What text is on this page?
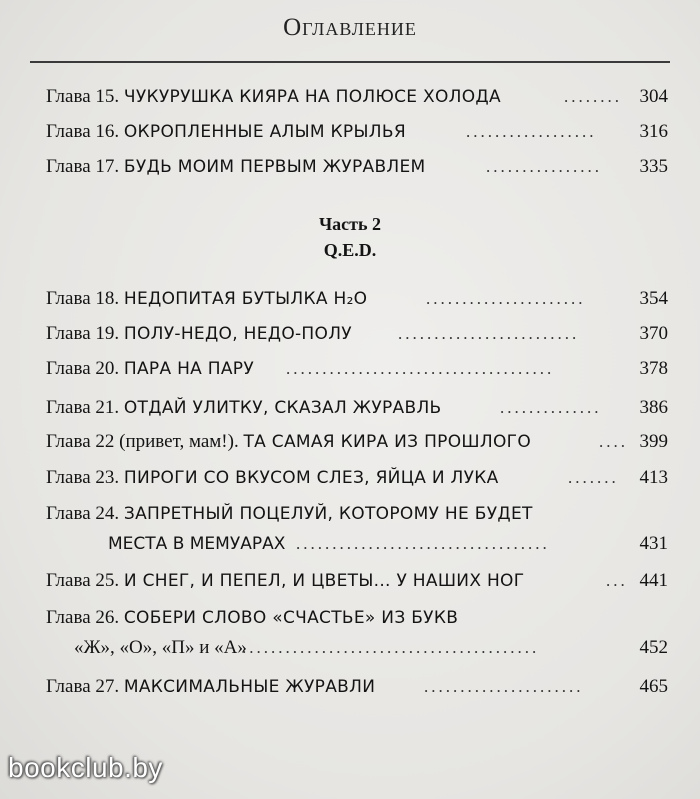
Оглавление
Глава 15. ЧУКУРУШКА КИЯРА НА ПОЛЮСЕ ХОЛОДА	........ 304
Глава 16. ОКРОПЛЕННЫЕ АЛЫМ КРЫЛЬЯ	.................. 316
Глава 17. БУДЬ МОИМ ПЕРВЫМ ЖУРАВЛЕМ	................ 335
Часть 2
Q.E.D.
Глава 18. НЕДОПИТАЯ БУТЫЛКА H₂O	......................	354
Глава 19. ПОЛУ-НЕДО, НЕДО-ПОЛУ	.........................	370
Глава 20. ПАРА НА ПАРУ .....................................	378
Глава 21. ОТДАЙ УЛИТКУ, СКАЗАЛ ЖУРАВЛЬ	.............. 386
Глава 22 (привет, мам!). ТА САМАЯ КИРА ИЗ ПРОШЛОГО	.... 399
Глава 23. ПИРОГИ СО ВКУСОМ СЛЕЗ, ЯЙЦА И ЛУКА	....... 413
Глава 24. ЗАПРЕТНЫЙ ПОЦЕЛУЙ, КОТОРОМУ НЕ БУДЕТ
МЕСТА В МЕМУАРАХ ...................................	431
Глава 25. И СНЕГ, И ПЕПЕЛ, И ЦВЕТЫ... У НАШИХ НОГ	... 441
Глава 26. СОБЕРИ СЛОВО «СЧАСТЬЕ» ИЗ БУКВ
«Ж», «О», «П» и «А»
.........................................	452
Глава 27. МАКСИМАЛЬНЫЕ ЖУРАВЛИ	......................	465
bookclub.by
